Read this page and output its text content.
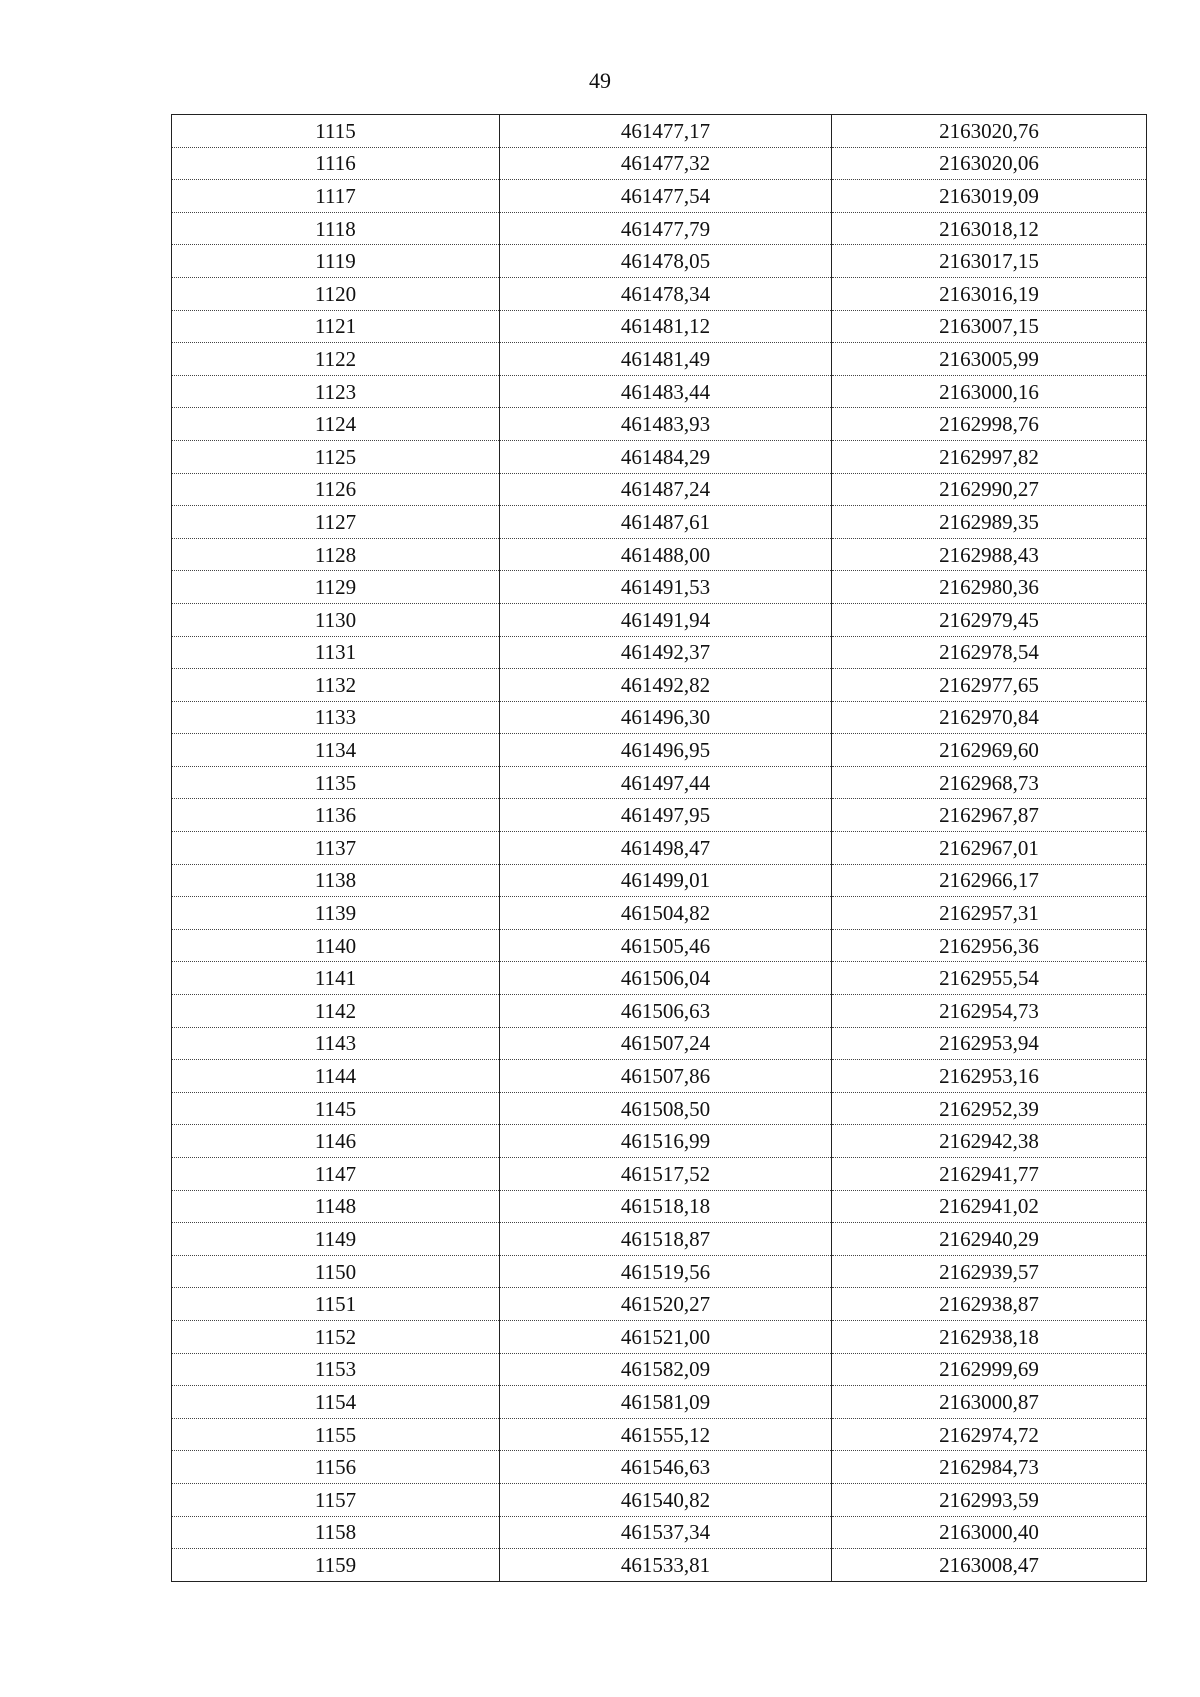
49
1115	461477,17	2163020,76
1116	461477,32	2163020,06
1117	461477,54	2163019,09
1118	461477,79	2163018,12
1119	461478,05	2163017,15
1120	461478,34	2163016,19
1121	461481,12	2163007,15
1122	461481,49	2163005,99
1123	461483,44	2163000,16
1124	461483,93	2162998,76
1125	461484,29	2162997,82
1126	461487,24	2162990,27
1127	461487,61	2162989,35
1128	461488,00	2162988,43
1129	461491,53	2162980,36
1130	461491,94	2162979,45
1131	461492,37	2162978,54
1132	461492,82	2162977,65
1133	461496,30	2162970,84
1134	461496,95	2162969,60
1135	461497,44	2162968,73
1136	461497,95	2162967,87
1137	461498,47	2162967,01
1138	461499,01	2162966,17
1139	461504,82	2162957,31
1140	461505,46	2162956,36
1141	461506,04	2162955,54
1142	461506,63	2162954,73
1143	461507,24	2162953,94
1144	461507,86	2162953,16
1145	461508,50	2162952,39
1146	461516,99	2162942,38
1147	461517,52	2162941,77
1148	461518,18	2162941,02
1149	461518,87	2162940,29
1150	461519,56	2162939,57
1151	461520,27	2162938,87
1152	461521,00	2162938,18
1153	461582,09	2162999,69
1154	461581,09	2163000,87
1155	461555,12	2162974,72
1156	461546,63	2162984,73
1157	461540,82	2162993,59
1158	461537,34	2163000,40
1159	461533,81	2163008,47
